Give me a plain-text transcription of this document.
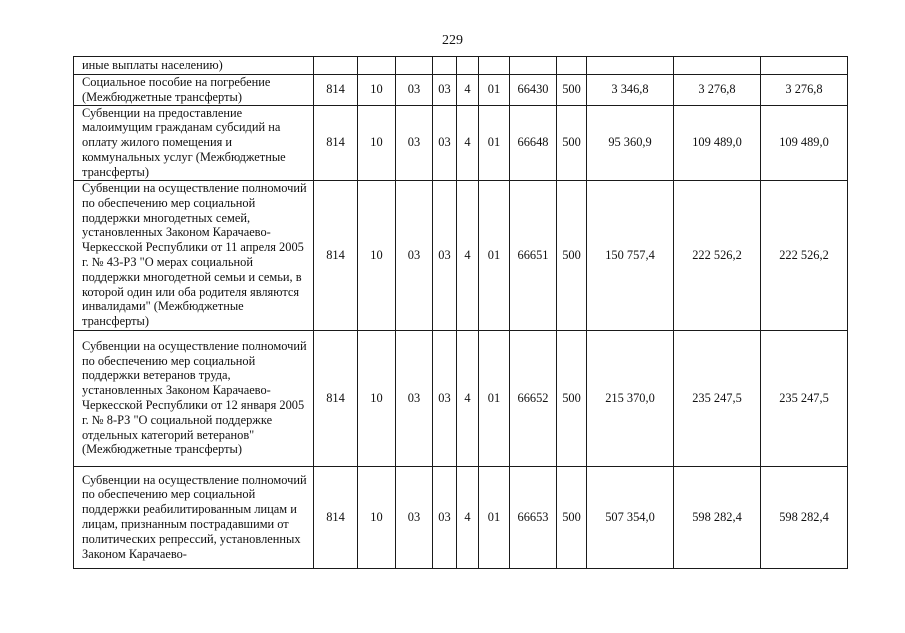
229
иные выплаты населению)											
Социальное пособие на погребение (Межбюджетные трансферты)	814	10	03	03	4	01	66430	500	3 346,8	3 276,8	3 276,8
Субвенции на предоставление малоимущим гражданам субсидий на оплату жилого помещения и коммунальных услуг (Межбюджетные трансферты)	814	10	03	03	4	01	66648	500	95 360,9	109 489,0	109 489,0
Субвенции на осуществление полномочий по обеспечению мер социальной поддержки многодетных семей, установленных Законом Карачаево-Черкесской Республики от 11 апреля 2005 г. № 43-РЗ "О мерах социальной поддержки многодетной семьи и семьи, в которой один или оба родителя являются инвалидами" (Межбюджетные трансферты)	814	10	03	03	4	01	66651	500	150 757,4	222 526,2	222 526,2
Субвенции на осуществление полномочий по обеспечению мер социальной поддержки ветеранов труда, установленных Законом Карачаево-Черкесской Республики от 12 января 2005 г. № 8-РЗ "О социальной поддержке отдельных категорий ветеранов" (Межбюджетные трансферты)	814	10	03	03	4	01	66652	500	215 370,0	235 247,5	235 247,5
Субвенции на осуществление полномочий по обеспечению мер социальной поддержки реабилитированным лицам и лицам, признанным пострадавшими от политических репрессий, установленных Законом Карачаево-	814	10	03	03	4	01	66653	500	507 354,0	598 282,4	598 282,4
